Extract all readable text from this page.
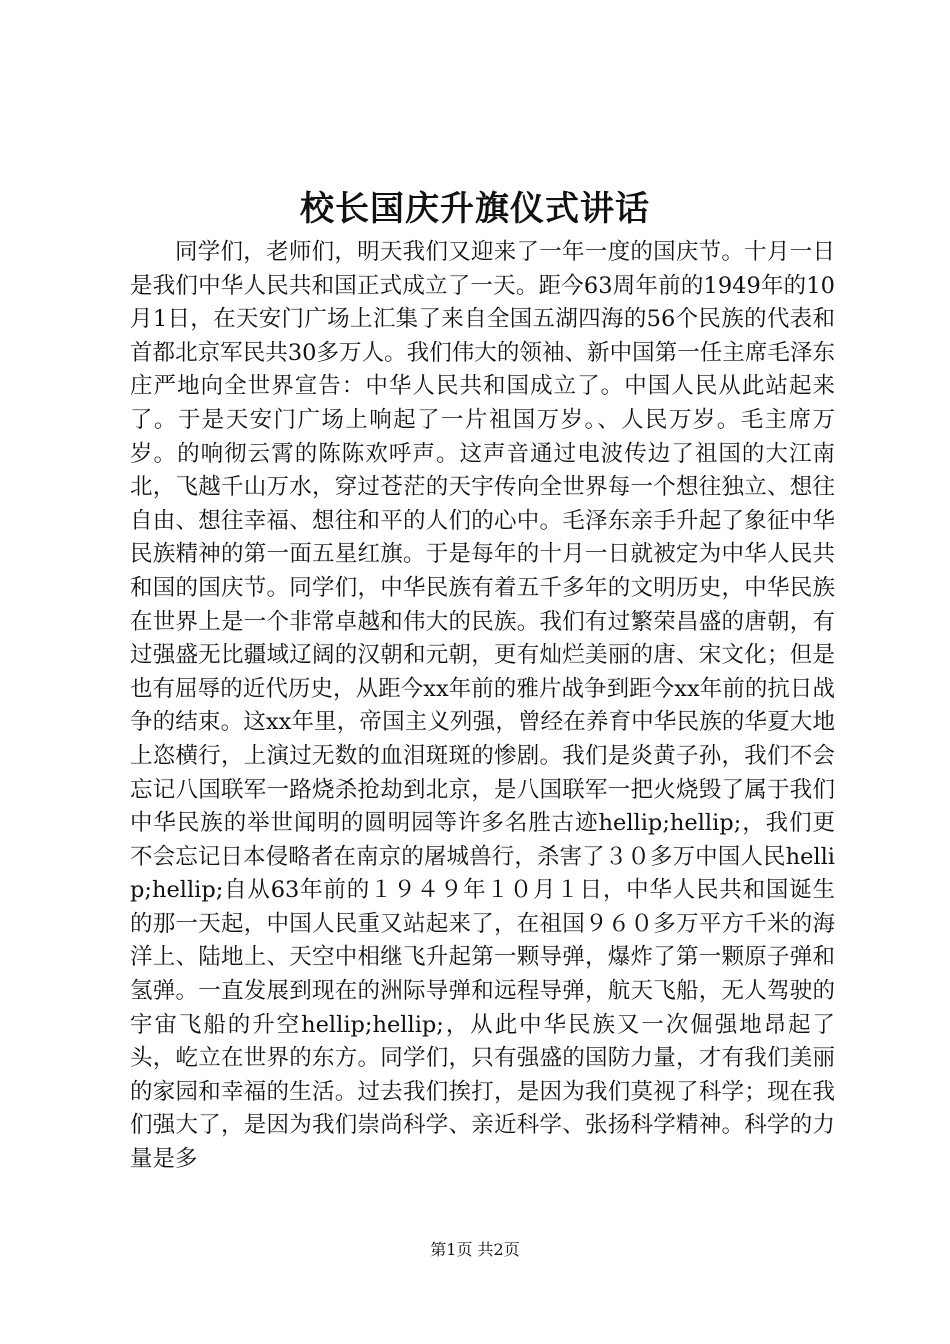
校长国庆升旗仪式讲话

同学们，老师们，明天我们又迎来了一年一度的国庆节。十月一日是我们中华人民共和国正式成立了一天。距今63周年前的1949年的10月1日，在天安门广场上汇集了来自全国五湖四海的56个民族的代表和首都北京军民共30多万人。我们伟大的领袖、新中国第一任主席毛泽东庄严地向全世界宣告：中华人民共和国成立了。中国人民从此站起来了。于是天安门广场上响起了一片祖国万岁。、人民万岁。毛主席万岁。的响彻云霄的陈陈欢呼声。这声音通过电波传边了祖国的大江南北，飞越千山万水，穿过苍茫的天宇传向全世界每一个想往独立、想往自由、想往幸福、想往和平的人们的心中。毛泽东亲手升起了象征中华民族精神的第一面五星红旗。于是每年的十月一日就被定为中华人民共和国的国庆节。同学们，中华民族有着五千多年的文明历史，中华民族在世界上是一个非常卓越和伟大的民族。我们有过繁荣昌盛的唐朝，有过强盛无比疆域辽阔的汉朝和元朝，更有灿烂美丽的唐、宋文化；但是也有屈辱的近代历史，从距今xx年前的雅片战争到距今xx年前的抗日战争的结束。这xx年里，帝国主义列强，曾经在养育中华民族的华夏大地上恣横行，上演过无数的血泪斑斑的惨剧。我们是炎黄子孙，我们不会忘记八国联军一路烧杀抢劫到北京，是八国联军一把火烧毁了属于我们中华民族的举世闻明的圆明园等许多名胜古迹hellip;hellip;，我们更不会忘记日本侵略者在南京的屠城兽行，杀害了３０多万中国人民hellip;hellip;自从63年前的１９４９年１０月１日，中华人民共和国诞生的那一天起，中国人民重又站起来了，在祖国９６０多万平方千米的海洋上、陆地上、天空中相继飞升起第一颗导弹，爆炸了第一颗原子弹和氢弹。一直发展到现在的洲际导弹和远程导弹，航天飞船，无人驾驶的宇宙飞船的升空hellip;hellip;，从此中华民族又一次倔强地昂起了头，屹立在世界的东方。同学们，只有强盛的国防力量，才有我们美丽的家园和幸福的生活。过去我们挨打，是因为我们莫视了科学；现在我们强大了，是因为我们崇尚科学、亲近科学、张扬科学精神。科学的力量是多

第1页 共2页
